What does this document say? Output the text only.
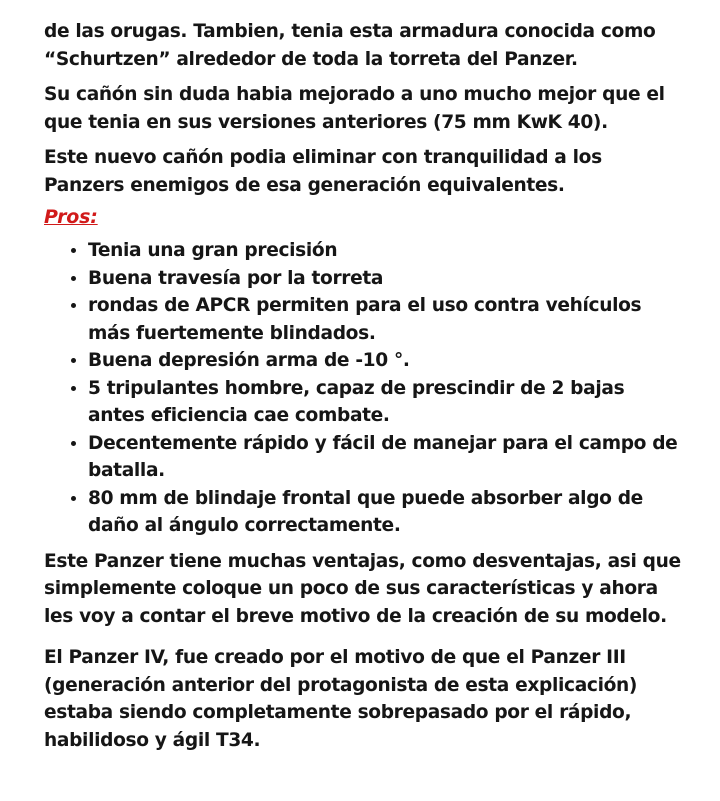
de las orugas. Tambien, tenia esta armadura conocida como “Schurtzen” alrededor de toda la torreta del Panzer.

Su cañón sin duda habia mejorado a uno mucho mejor que el que tenia en sus versiones anteriores (75 mm KwK 40).

Este nuevo cañón podia eliminar con tranquilidad a los Panzers enemigos de esa generación equivalentes.

Pros:
• Tenia una gran precisión
• Buena travesía por la torreta
• rondas de APCR permiten para el uso contra vehículos más fuertemente blindados.
• Buena depresión arma de -10 °.
• 5 tripulantes hombre, capaz de prescindir de 2 bajas antes eficiencia cae combate.
• Decentemente rápido y fácil de manejar para el campo de batalla.
• 80 mm de blindaje frontal que puede absorber algo de daño al ángulo correctamente.

Este Panzer tiene muchas ventajas, como desventajas, asi que simplemente coloque un poco de sus características y ahora les voy a contar el breve motivo de la creación de su modelo.

El Panzer IV, fue creado por el motivo de que el Panzer III (generación anterior del protagonista de esta explicación) estaba siendo completamente sobrepasado por el rápido, habilidoso y ágil T34.
